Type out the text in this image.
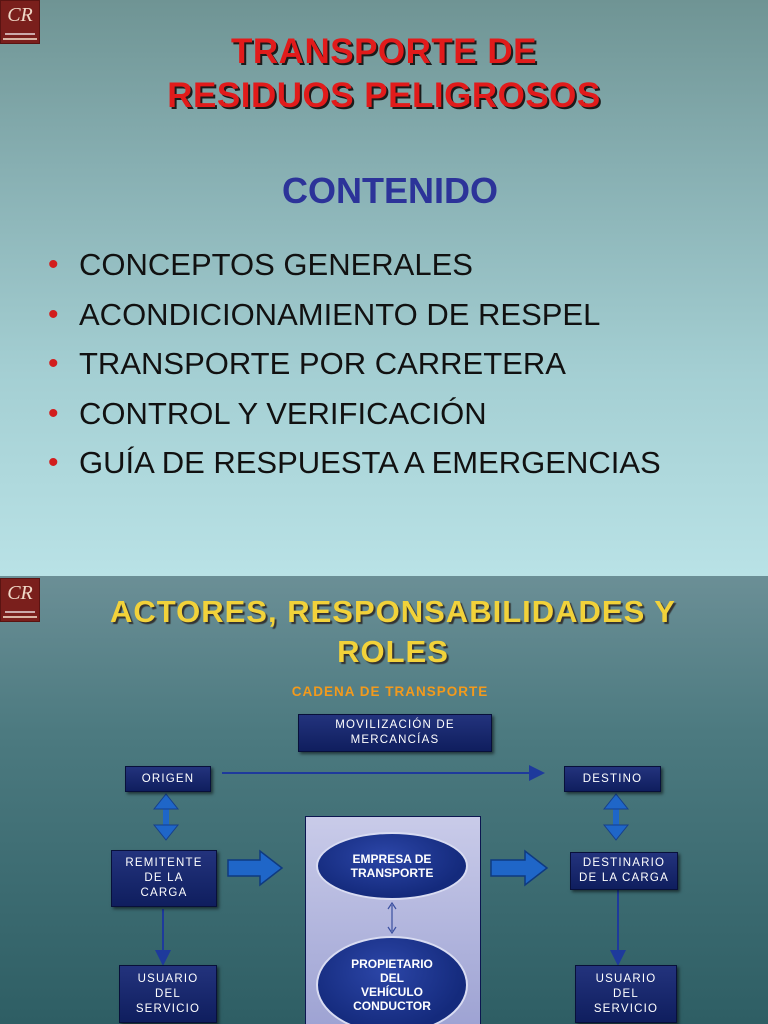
CR
TRANSPORTE DE
RESIDUOS PELIGROSOS
CONTENIDO
• CONCEPTOS GENERALES
• ACONDICIONAMIENTO DE RESPEL
• TRANSPORTE POR CARRETERA
• CONTROL Y VERIFICACIÓN
• GUÍA DE RESPUESTA A EMERGENCIAS
CR
ACTORES, RESPONSABILIDADES Y
ROLES
CADENA DE TRANSPORTE
MOVILIZACIÓN DE
MERCANCÍAS
ORIGEN	DESTINO
REMITENTE
DE LA
CARGA
DESTINARIO
DE LA CARGA
USUARIO
DEL
SERVICIO
USUARIO
DEL
SERVICIO
EMPRESA DE
TRANSPORTE
PROPIETARIO
DEL
VEHÍCULO
CONDUCTOR
